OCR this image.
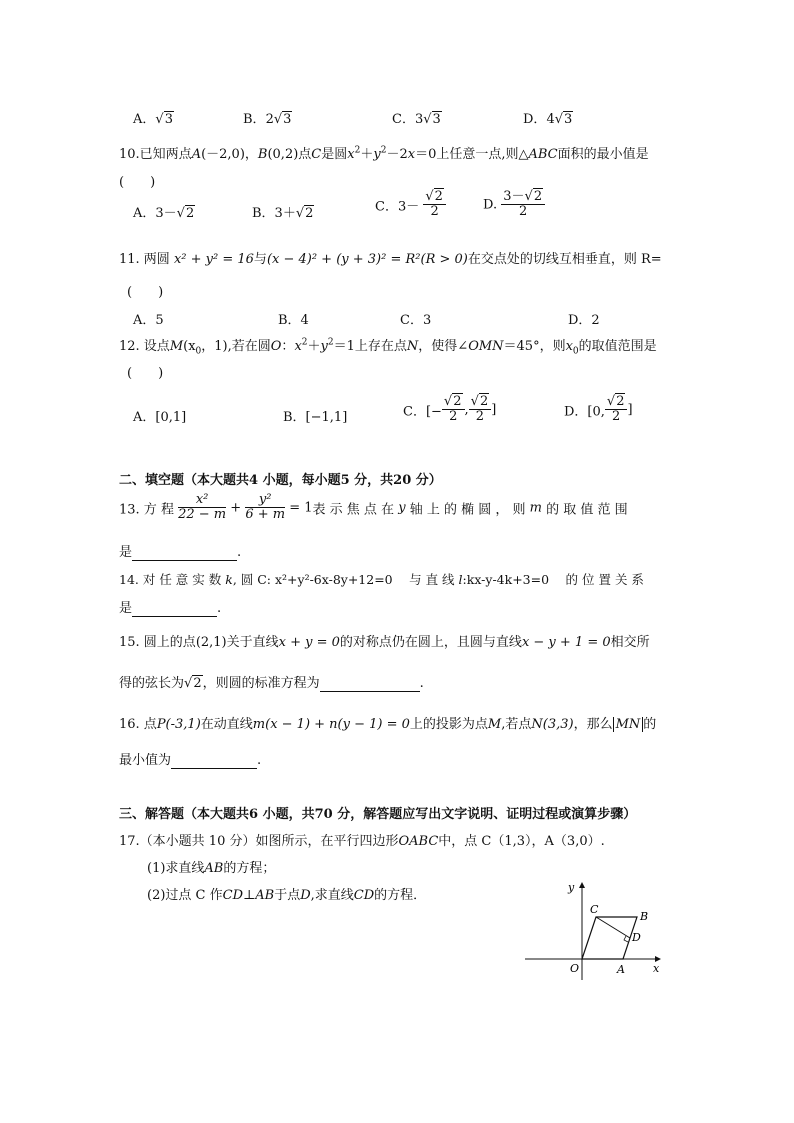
A．√3	B．2√3	C．3√3	D．4√3
10.已知两点A(－2,0)，B(0,2)点C是圆$x^2+y^2-2x=0$上任意一点,则△ABC面积的最小值是
(　　)
A．3－√2	B．3＋√2	C．$3- \frac{√2}{2}$	D. $\frac{3-√2}{2}$
11. 两圆 x² + y² = 16与(x − 4)² + (y + 3)² = R²(R > 0)在交点处的切线互相垂直，则 R=
(　　)
A．5	B．4	C．3	D．2
12. 设点$M(x_0$，1),若在圆O：$x^2+y^2=1$上存在点N，使得∠OMN＝45°，则$x_0$的取值范围是
(　　)
A．[0,1]	B．[−1,1]	C．[− $\frac{√2}{2}$ , $\frac{√2}{2}$ ]	D．[0, $\frac{√2}{2}$ ]
二、填空题（本大题共4 小题，每小题5 分，共20 分）
13. 方 程 $\frac{\text{x²}}{22 - m} + \frac{\text{y²}}{6 + m} = 1$表 示 焦 点 在 y 轴 上 的 椭 圆 ， 则 m 的 取 值 范 围
是	.
14. 对 任 意 实 数 k, 圆 C: x²+y²-6x-8y+12=0 　与 直 线 l:kx-y-4k+3=0 　的 位 置 关 系
是	.
15. 圆上的点(2,1)关于直线x + y = 0的对称点仍在圆上，且圆与直线x − y + 1 = 0相交所
得的弦长为√2，则圆的标准方程为	.
16. 点P(-3,1)在动直线m(x − 1) + n(y − 1) = 0上的投影为点M,若点N(3,3)，那么 MN 的
最小值为	.
三、解答题（本大题共6 小题，共70 分，解答题应写出文字说明、证明过程或演算步骤）
17.（本小题共 10 分）如图所示，在平行四边形OABC中，点 C（1,3），A（3,0）.
(1)求直线AB的方程；
(2)过点 C 作CD⊥AB于点D,求直线CD的方程．
y
x
O	A
B
C
D
